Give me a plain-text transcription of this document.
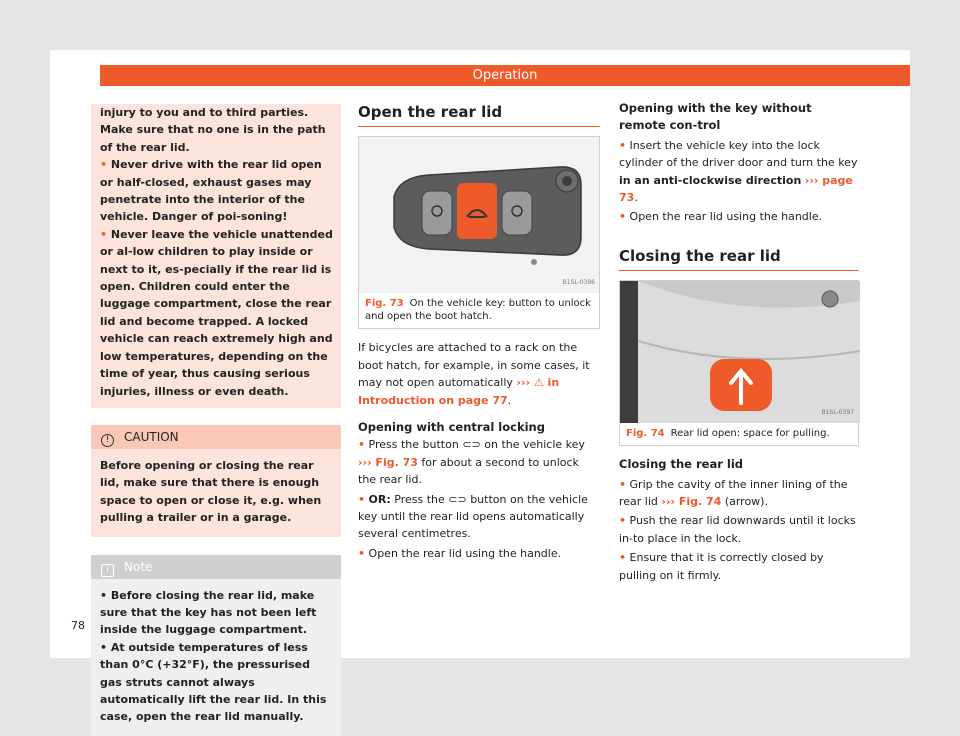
Operation

injury to you and to third parties. Make sure that no one is in the path of the rear lid.

• Never drive with the rear lid open or half-closed, exhaust gases may penetrate into the interior of the vehicle. Danger of poi-soning!

• Never leave the vehicle unattended or al-low children to play inside or next to it, es-pecially if the rear lid is open. Children could enter the luggage compartment, close the rear lid and become trapped. A locked vehicle can reach extremely high and low temperatures, depending on the time of year, thus causing serious injuries, illness or even death.

! CAUTION
Before opening or closing the rear lid, make sure that there is enough space to open or close it, e.g. when pulling a trailer or in a garage.
i Note

• Before closing the rear lid, make sure that the key has not been left inside the luggage compartment.

• At outside temperatures of less than 0°C (+32°F), the pressurised gas struts cannot always automatically lift the rear lid. In this case, open the rear lid manually.

Open the rear lid
B1SL-0396
Fig. 73 On the vehicle key: button to unlock and open the boot hatch.

If bicycles are attached to a rack on the boot hatch, for example, in some cases, it may not open automatically ››› ⚠ in Introduction on page 77.

Opening with central locking

• Press the button ⊂⊃ on the vehicle key ››› Fig. 73 for about a second to unlock the rear lid.

• OR: Press the ⊂⊃ button on the vehicle key until the rear lid opens automatically several centimetres.

• Open the rear lid using the handle.

Opening with the key without remote con-trol

• Insert the vehicle key into the lock cylinder of the driver door and turn the key in an anti-clockwise direction ››› page 73.

• Open the rear lid using the handle.

Closing the rear lid
B1SL-0397
Fig. 74 Rear lid open: space for pulling.

Closing the rear lid

• Grip the cavity of the inner lining of the rear lid ››› Fig. 74 (arrow).

• Push the rear lid downwards until it locks in-to place in the lock.

• Ensure that it is correctly closed by pulling on it firmly.

78
